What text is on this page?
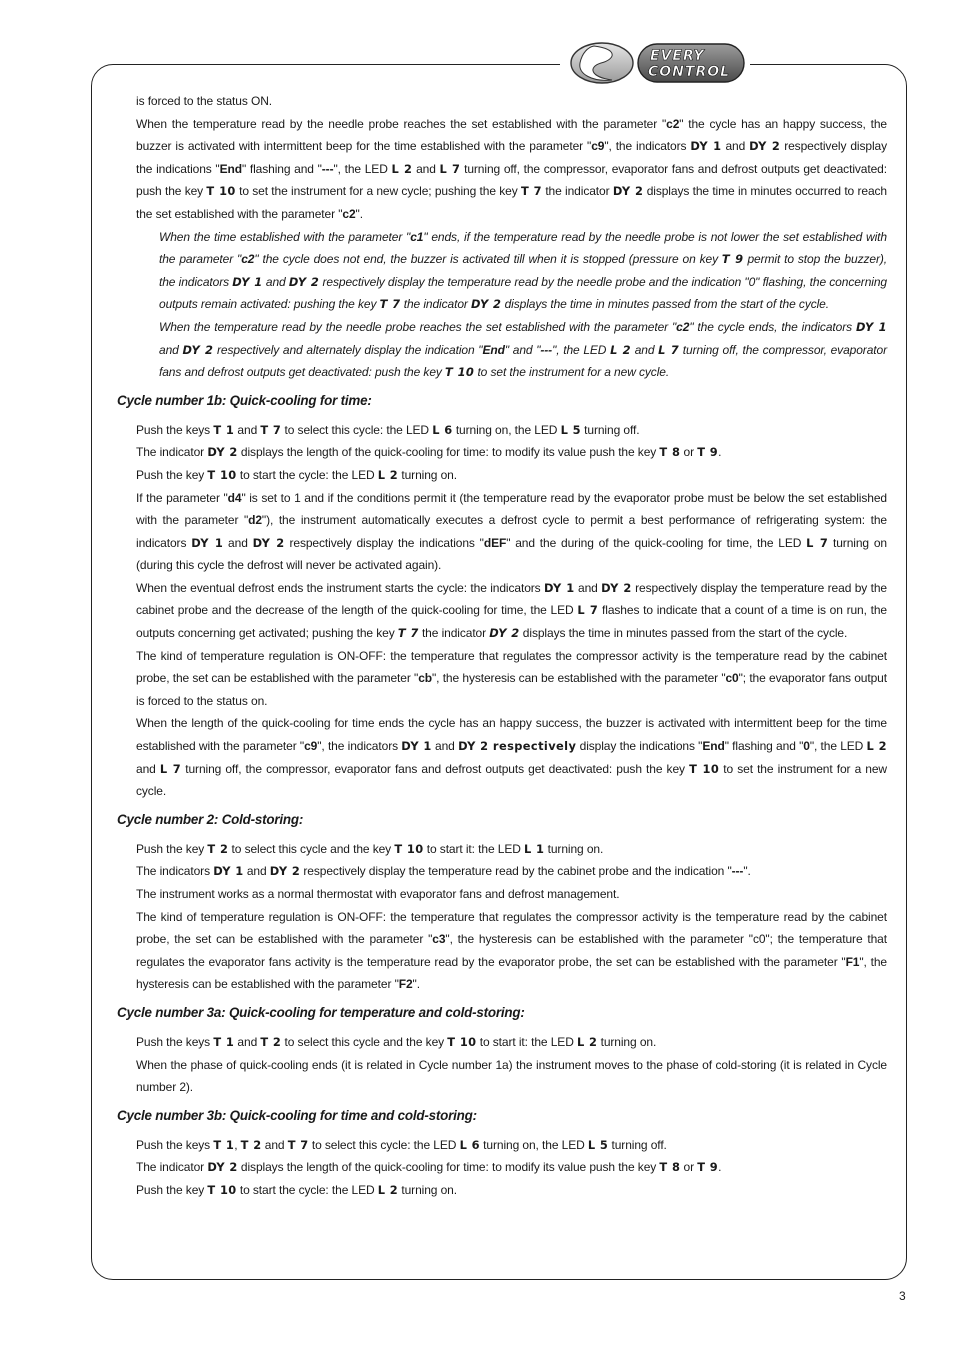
EVERY
CONTROL

is forced to the status ON.

When the temperature read by the needle probe reaches the set established with the parameter "c2" the cycle has an happy success, the buzzer is activated with intermittent beep for the time established with the parameter "c9", the indicators DY 1 and DY 2 respectively display the indications "End" flashing and "---", the LED L 2 and L 7 turning off, the compressor, evaporator fans and defrost outputs get deactivated: push the key T 10 to set the instrument for a new cycle; pushing the key T 7 the indicator DY 2 displays the time in minutes occurred to reach the set established with the parameter "c2".

When the time established with the parameter "c1" ends, if the temperature read by the needle probe is not lower the set established with the parameter "c2" the cycle does not end, the buzzer is activated till when it is stopped (pressure on key T 9 permit to stop the buzzer), the indicators DY 1 and DY 2 respectively display the temperature read by the needle probe and the indication "0" flashing, the concerning outputs remain activated: pushing the key T 7 the indicator DY 2 displays the time in minutes passed from the start of the cycle.

When the temperature read by the needle probe reaches the set established with the parameter "c2" the cycle ends, the indicators DY 1 and DY 2 respectively and alternately display the indication "End" and "---", the LED L 2 and L 7 turning off, the compressor, evaporator fans and defrost outputs get deactivated: push the key T 10 to set the instrument for a new cycle.

Cycle number 1b: Quick-cooling for time:

Push the keys T 1 and T 7 to select this cycle: the LED L 6 turning on, the LED L 5 turning off.

The indicator DY 2 displays the length of the quick-cooling for time: to modify its value push the key T 8 or T 9.

Push the key T 10 to start the cycle: the LED L 2 turning on.

If the parameter "d4" is set to 1 and if the conditions permit it (the temperature read by the evaporator probe must be below the set established with the parameter "d2"), the instrument automatically executes a defrost cycle to permit a best performance of refrigerating system: the indicators DY 1 and DY 2 respectively display the indications "dEF" and the during of the quick-cooling for time, the LED L 7 turning on (during this cycle the defrost will never be activated again).

When the eventual defrost ends the instrument starts the cycle: the indicators DY 1 and DY 2 respectively display the temperature read by the cabinet probe and the decrease of the length of the quick-cooling for time, the LED L 7 flashes to indicate that a count of a time is on run, the outputs concerning get activated; pushing the key T 7 the indicator DY 2 displays the time in minutes passed from the start of the cycle.

The kind of temperature regulation is ON-OFF: the temperature that regulates the compressor activity is the temperature read by the cabinet probe, the set can be established with the parameter "cb", the hysteresis can be established with the parameter "c0"; the evaporator fans output is forced to the status on.

When the length of the quick-cooling for time ends the cycle has an happy success, the buzzer is activated with intermittent beep for the time established with the parameter "c9", the indicators DY 1 and DY 2 respectively display the indications "End" flashing and "0", the LED L 2 and L 7 turning off, the compressor, evaporator fans and defrost outputs get deactivated: push the key T 10 to set the instrument for a new cycle.

Cycle number 2: Cold-storing:

Push the key T 2 to select this cycle and the key T 10 to start it: the LED L 1 turning on.

The indicators DY 1 and DY 2 respectively display the temperature read by the cabinet probe and the indication "---".

The instrument works as a normal thermostat with evaporator fans and defrost management.

The kind of temperature regulation is ON-OFF: the temperature that regulates the compressor activity is the temperature read by the cabinet probe, the set can be established with the parameter "c3", the hysteresis can be established with the parameter "c0"; the temperature that regulates the evaporator fans activity is the temperature read by the evaporator probe, the set can be established with the parameter "F1", the hysteresis can be established with the parameter "F2".

Cycle number 3a: Quick-cooling for temperature and cold-storing:

Push the keys T 1 and T 2 to select this cycle and the key T 10 to start it: the LED L 2 turning on.

When the phase of quick-cooling ends (it is related in Cycle number 1a) the instrument moves to the phase of cold-storing (it is related in Cycle number 2).

Cycle number 3b: Quick-cooling for time and cold-storing:

Push the keys T 1, T 2 and T 7 to select this cycle: the LED L 6 turning on, the LED L 5 turning off.

The indicator DY 2 displays the length of the quick-cooling for time: to modify its value push the key T 8 or T 9.

Push the key T 10 to start the cycle: the LED L 2 turning on.

3
